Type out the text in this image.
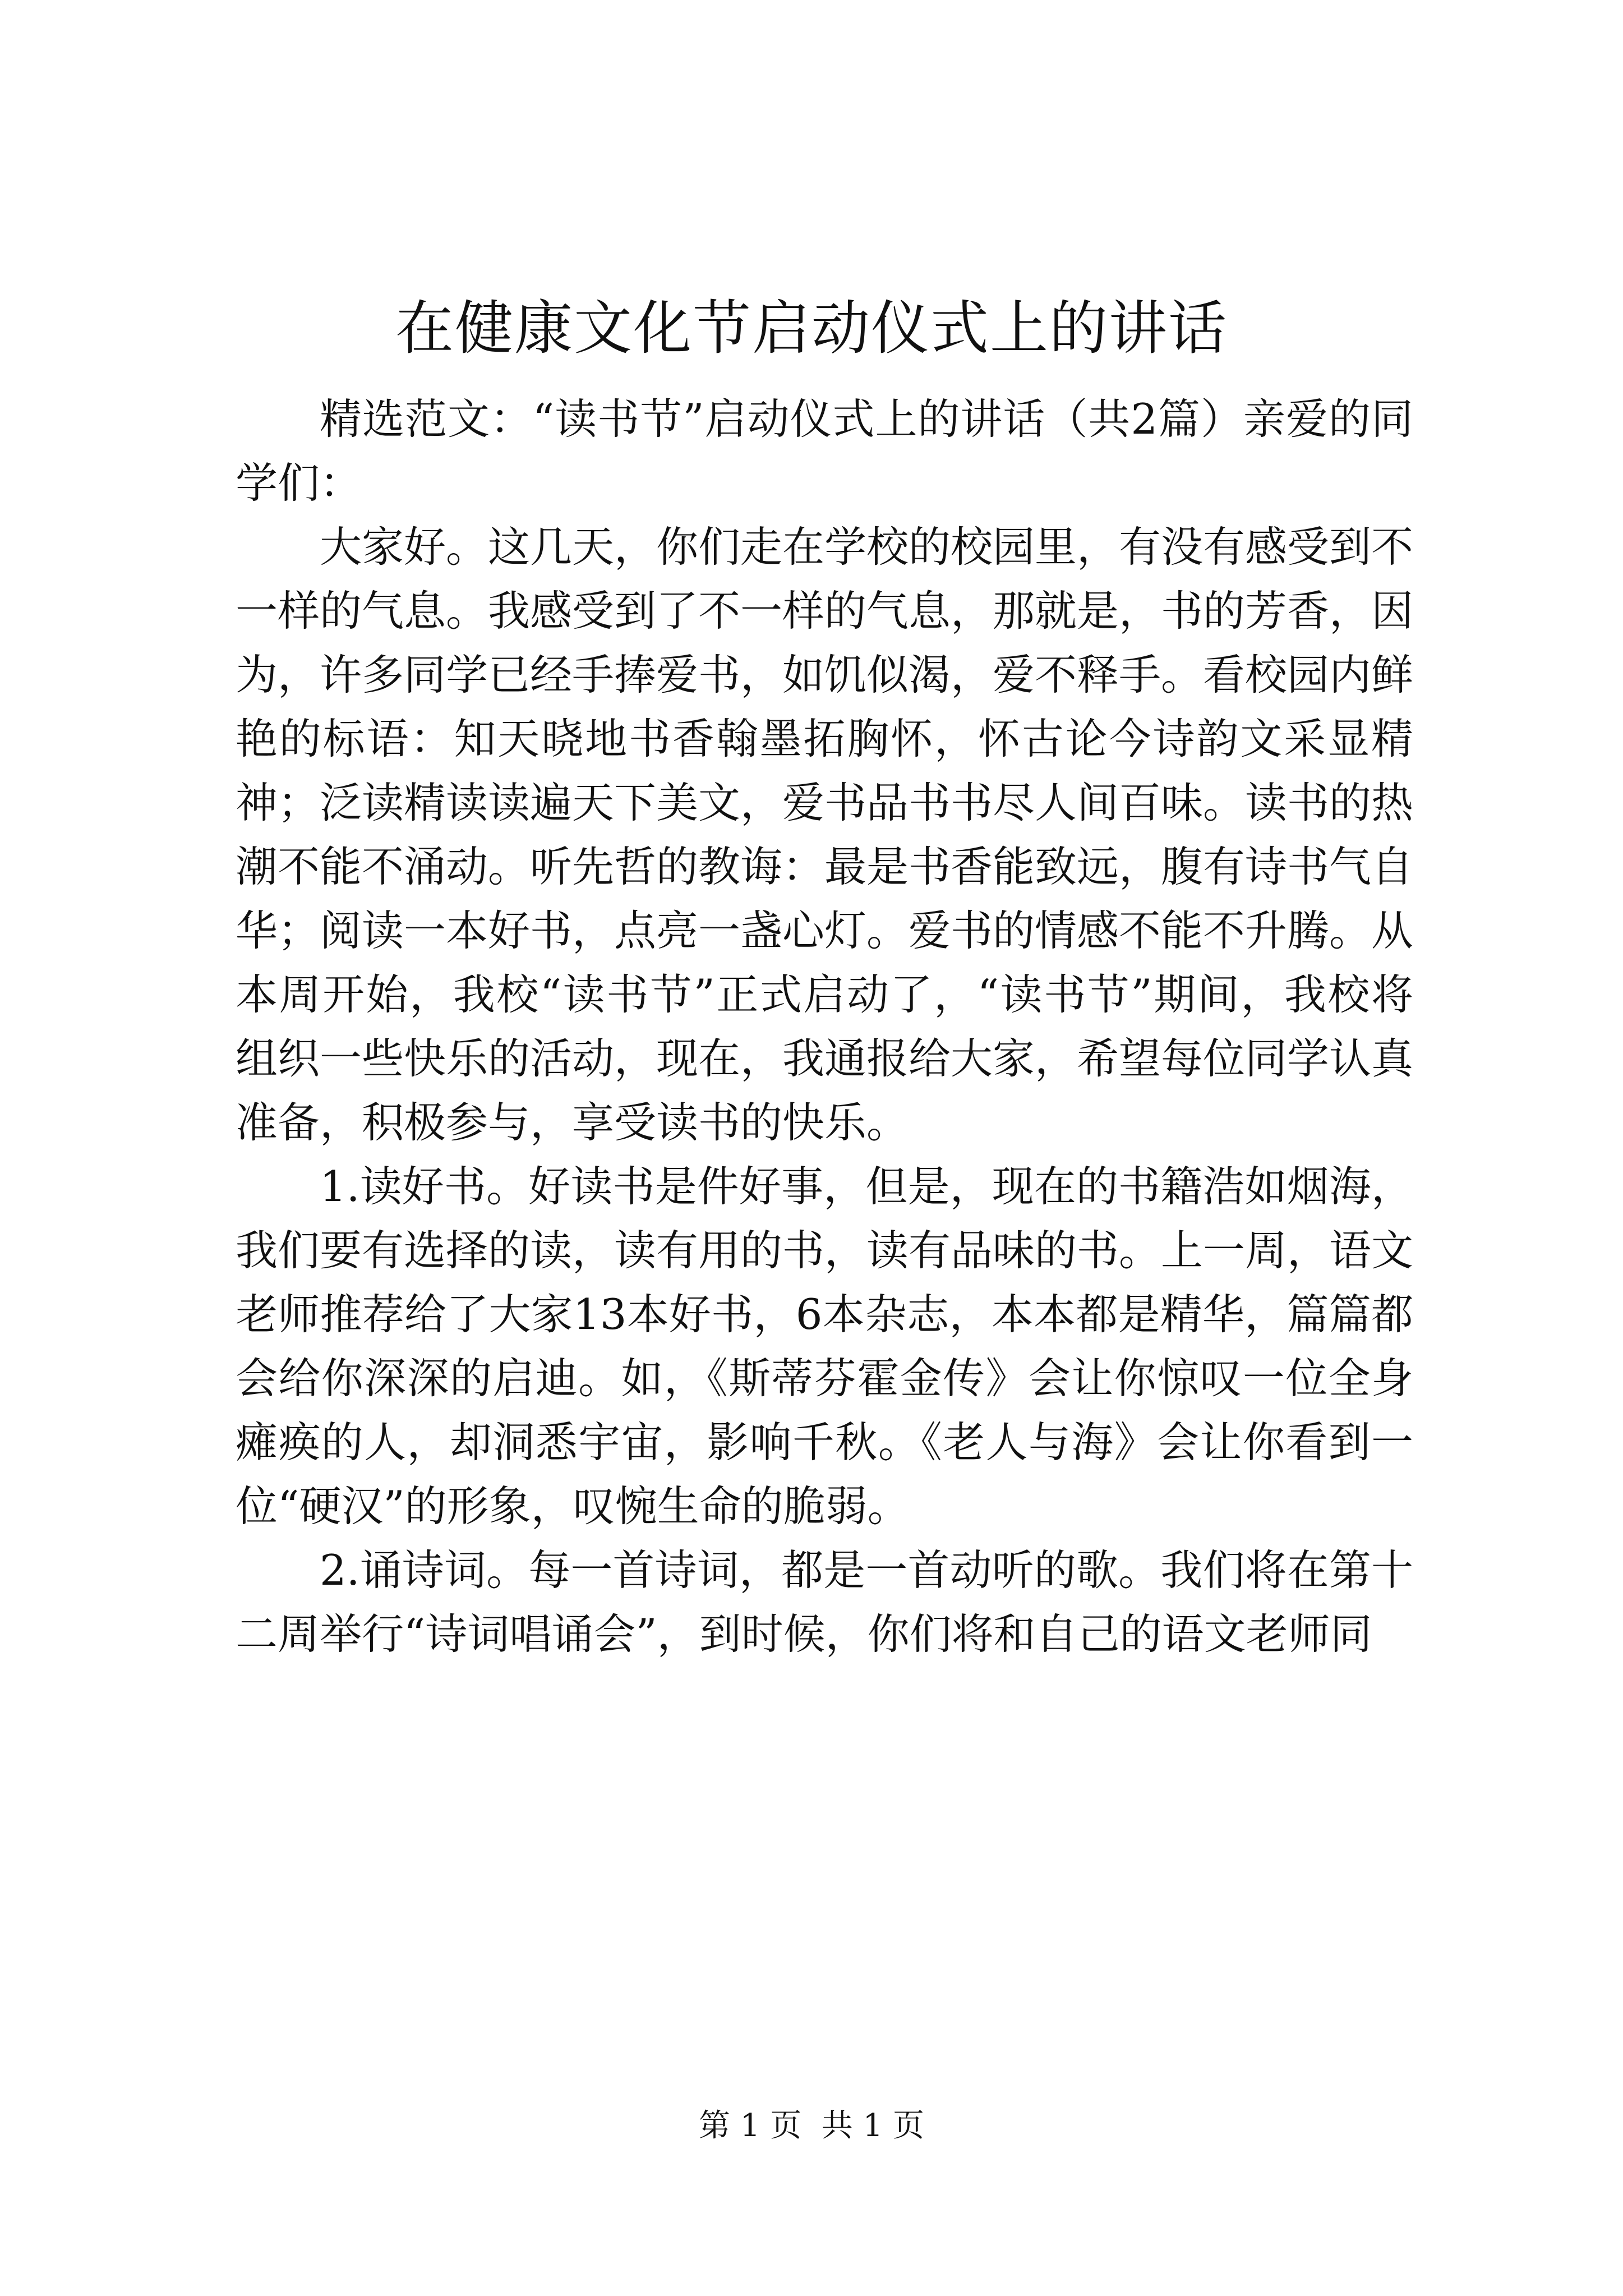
在健康文化节启动仪式上的讲话

精选范文：“读书节”启动仪式上的讲话（共2篇）亲爱的同学们：

大家好。这几天，你们走在学校的校园里，有没有感受到不一样的气息。我感受到了不一样的气息，那就是，书的芳香，因为，许多同学已经手捧爱书，如饥似渴，爱不释手。看校园内鲜艳的标语：知天晓地书香翰墨拓胸怀，怀古论今诗韵文采显精神；泛读精读读遍天下美文，爱书品书书尽人间百味。读书的热潮不能不涌动。听先哲的教诲：最是书香能致远，腹有诗书气自华；阅读一本好书，点亮一盏心灯。爱书的情感不能不升腾。从本周开始，我校“读书节”正式启动了，“读书节”期间，我校将组织一些快乐的活动，现在，我通报给大家，希望每位同学认真准备，积极参与，享受读书的快乐。

1.读好书。好读书是件好事，但是，现在的书籍浩如烟海，我们要有选择的读，读有用的书，读有品味的书。上一周，语文老师推荐给了大家13本好书，6本杂志，本本都是精华，篇篇都会给你深深的启迪。如，《斯蒂芬霍金传》会让你惊叹一位全身瘫痪的人，却洞悉宇宙，影响千秋。《老人与海》会让你看到一位“硬汉”的形象，叹惋生命的脆弱。

2.诵诗词。每一首诗词，都是一首动听的歌。我们将在第十二周举行“诗词唱诵会”，到时候，你们将和自己的语文老师同

第 1 页  共 1 页
